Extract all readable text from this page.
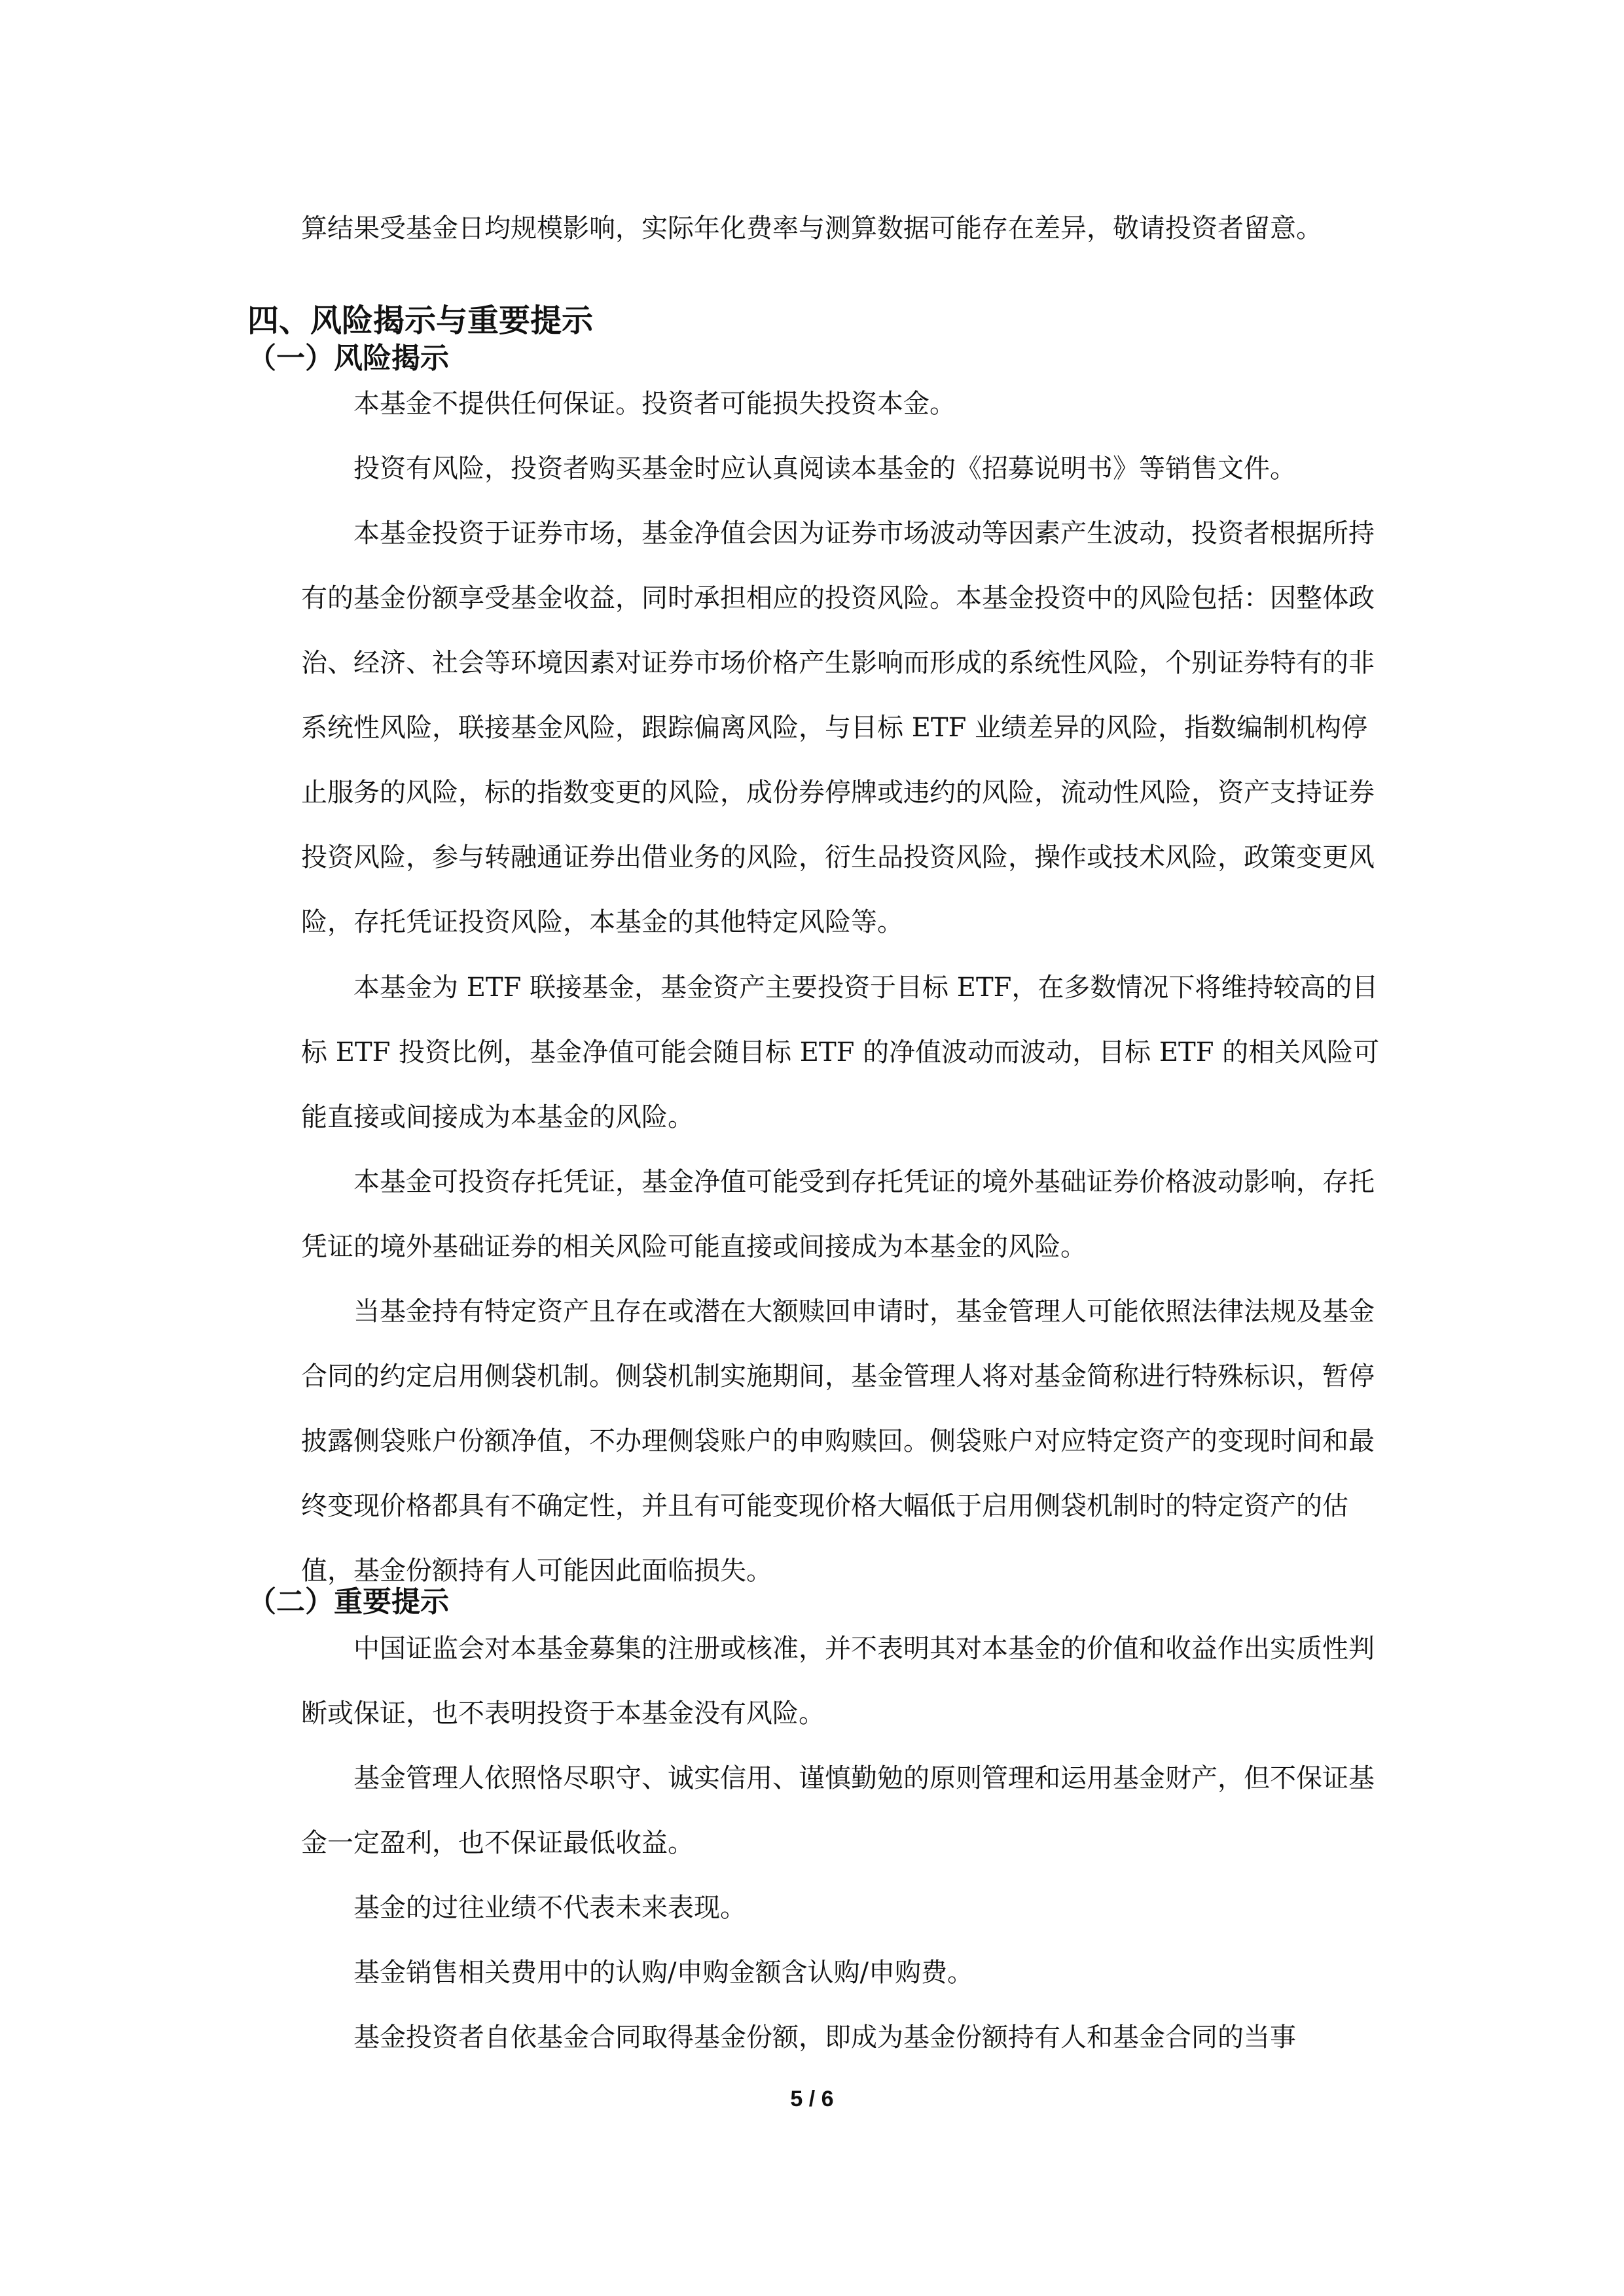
算结果受基金日均规模影响，实际年化费率与测算数据可能存在差异，敬请投资者留意。

四、风险揭示与重要提示
（一）风险揭示

本基金不提供任何保证。投资者可能损失投资本金。

投资有风险，投资者购买基金时应认真阅读本基金的《招募说明书》等销售文件。

本基金投资于证券市场，基金净值会因为证券市场波动等因素产生波动，投资者根据所持有的基金份额享受基金收益，同时承担相应的投资风险。本基金投资中的风险包括：因整体政治、经济、社会等环境因素对证券市场价格产生影响而形成的系统性风险，个别证券特有的非系统性风险，联接基金风险，跟踪偏离风险，与目标 ETF 业绩差异的风险，指数编制机构停止服务的风险，标的指数变更的风险，成份券停牌或违约的风险，流动性风险，资产支持证券投资风险，参与转融通证券出借业务的风险，衍生品投资风险，操作或技术风险，政策变更风险，存托凭证投资风险，本基金的其他特定风险等。

本基金为 ETF 联接基金，基金资产主要投资于目标 ETF，在多数情况下将维持较高的目标 ETF 投资比例，基金净值可能会随目标 ETF 的净值波动而波动，目标 ETF 的相关风险可能直接或间接成为本基金的风险。

本基金可投资存托凭证，基金净值可能受到存托凭证的境外基础证券价格波动影响，存托凭证的境外基础证券的相关风险可能直接或间接成为本基金的风险。

当基金持有特定资产且存在或潜在大额赎回申请时，基金管理人可能依照法律法规及基金合同的约定启用侧袋机制。侧袋机制实施期间，基金管理人将对基金简称进行特殊标识，暂停披露侧袋账户份额净值，不办理侧袋账户的申购赎回。侧袋账户对应特定资产的变现时间和最终变现价格都具有不确定性，并且有可能变现价格大幅低于启用侧袋机制时的特定资产的估值，基金份额持有人可能因此面临损失。

（二）重要提示

中国证监会对本基金募集的注册或核准，并不表明其对本基金的价值和收益作出实质性判断或保证，也不表明投资于本基金没有风险。

基金管理人依照恪尽职守、诚实信用、谨慎勤勉的原则管理和运用基金财产，但不保证基金一定盈利，也不保证最低收益。

基金的过往业绩不代表未来表现。

基金销售相关费用中的认购/申购金额含认购/申购费。

基金投资者自依基金合同取得基金份额，即成为基金份额持有人和基金合同的当事

5 / 6
